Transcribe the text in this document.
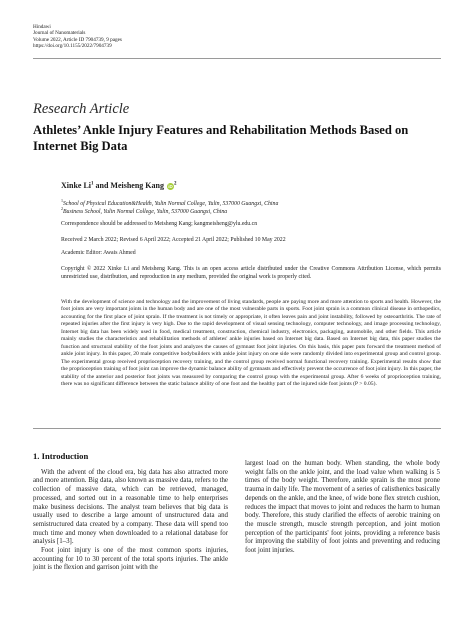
Hindawi
Journal of Nanomaterials
Volume 2022, Article ID 7904739, 9 pages
https://doi.org/10.1155/2022/7904739
Research Article
Athletes’ Ankle Injury Features and Rehabilitation Methods Based on Internet Big Data
Xinke Li$^1$ and Meisheng Kang $iD^2$
$^1$School of Physical Education&Health, Yulin Normal College, Yulin, 537000 Guangxi, China
$^2$Business School, Yulin Normal College, Yulin, 537000 Guangxi, China
Correspondence should be addressed to Meisheng Kang; kangmeisheng@ylu.edu.cn
Received 2 March 2022; Revised 6 April 2022; Accepted 21 April 2022; Published 10 May 2022
Academic Editor: Awais Ahmed
Copyright © 2022 Xinke Li and Meisheng Kang. This is an open access article distributed under the Creative Commons Attribution License, which permits unrestricted use, distribution, and reproduction in any medium, provided the original work is properly cited.
With the development of science and technology and the improvement of living standards, people are paying more and more attention to sports and health. However, the foot joints are very important joints in the human body and are one of the most vulnerable parts in sports. Foot joint sprain is a common clinical disease in orthopedics, accounting for the first place of joint sprain. If the treatment is not timely or appropriate, it often leaves pain and joint instability, followed by osteoarthritis. The rate of repeated injuries after the first injury is very high. Due to the rapid development of visual sensing technology, computer technology, and image processing technology, Internet big data has been widely used in food, medical treatment, construction, chemical industry, electronics, packaging, automobile, and other fields. This article mainly studies the characteristics and rehabilitation methods of athletes' ankle injuries based on Internet big data. Based on Internet big data, this paper studies the function and structural stability of the foot joints and analyzes the causes of gymnast foot joint injuries. On this basis, this paper puts forward the treatment method of ankle joint injury. In this paper, 20 male competitive bodybuilders with ankle joint injury on one side were randomly divided into experimental group and control group. The experimental group received proprioception recovery training, and the control group received normal functional recovery training. Experimental results show that the proprioception training of foot joint can improve the dynamic balance ability of gymnasts and effectively prevent the occurrence of foot joint injury. In this paper, the stability of the anterior and posterior foot joints was measured by comparing the control group with the experimental group. After 6 weeks of proprioception training, there was no significant difference between the static balance ability of one foot and the healthy part of the injured side foot joints (P > 0.05).
1. Introduction

With the advent of the cloud era, big data has also attracted more and more attention. Big data, also known as massive data, refers to the collection of massive data, which can be retrieved, managed, processed, and sorted out in a reasonable time to help enterprises make business decisions. The analyst team believes that big data is usually used to describe a large amount of unstructured data and semistructured data created by a company. These data will spend too much time and money when downloaded to a relational database for analysis [1–3].

Foot joint injury is one of the most common sports injuries, accounting for 10 to 30 percent of the total sports injuries. The ankle joint is the flexion and garrison joint with the

largest load on the human body. When standing, the whole body weight falls on the ankle joint, and the load value when walking is 5 times of the body weight. Therefore, ankle sprain is the most prone trauma in daily life. The movement of a series of calisthenics basically depends on the ankle, and the knee, of wide bone flex stretch cushion, reduces the impact that moves to joint and reduces the harm to human body. Therefore, this study clarified the effects of aerobic training on the muscle strength, muscle strength perception, and joint motion perception of the participants' foot joints, providing a reference basis for improving the stability of foot joints and preventing and reducing foot joint injuries.
